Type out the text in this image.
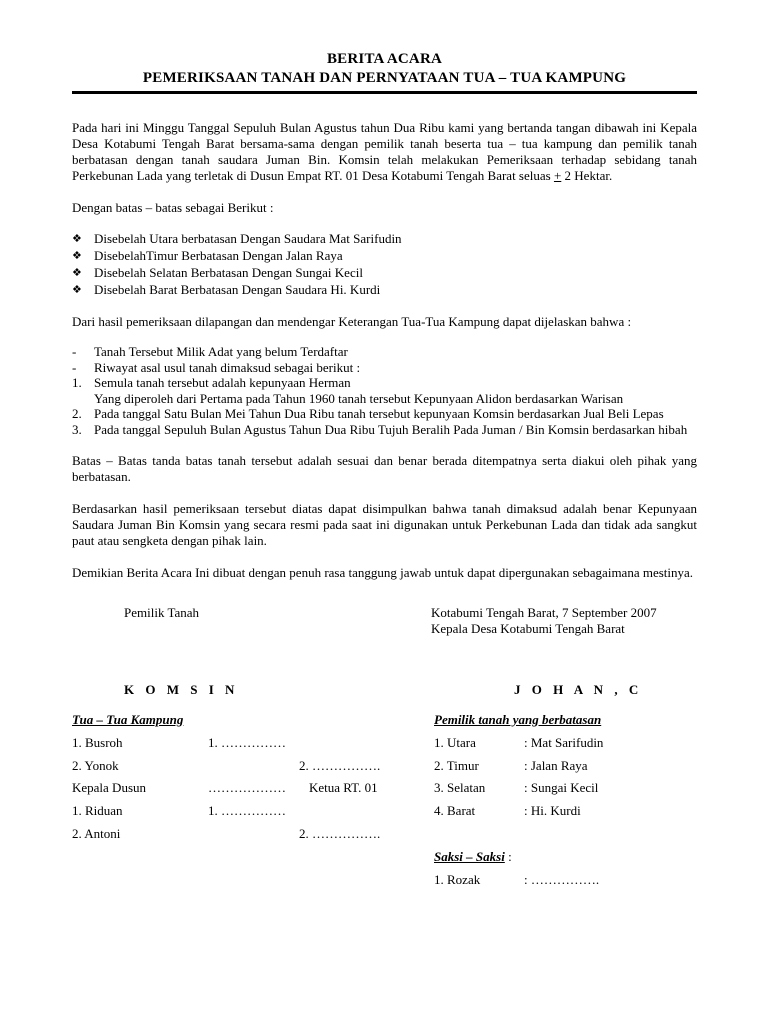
BERITA ACARA
PEMERIKSAAN TANAH DAN PERNYATAAN TUA – TUA KAMPUNG

Pada hari ini Minggu Tanggal Sepuluh Bulan Agustus tahun Dua Ribu kami yang bertanda tangan dibawah ini Kepala Desa Kotabumi Tengah Barat bersama-sama dengan pemilik tanah beserta tua – tua kampung dan pemilik tanah berbatasan dengan tanah saudara Juman Bin. Komsin telah melakukan Pemeriksaan terhadap sebidang tanah Perkebunan Lada yang terletak di Dusun Empat RT. 01 Desa Kotabumi Tengah Barat seluas + 2 Hektar.

Dengan batas – batas sebagai Berikut :

❖ Disebelah Utara berbatasan Dengan Saudara Mat Sarifudin
❖ DisebelahTimur Berbatasan Dengan Jalan Raya
❖ Disebelah Selatan Berbatasan Dengan Sungai Kecil
❖ Disebelah Barat Berbatasan Dengan Saudara Hi. Kurdi

Dari hasil pemeriksaan dilapangan dan mendengar Keterangan Tua-Tua Kampung dapat dijelaskan bahwa :

- Tanah Tersebut Milik Adat yang belum Terdaftar
- Riwayat asal usul tanah dimaksud sebagai berikut :
1. Semula tanah tersebut adalah kepunyaan Herman
Yang diperoleh dari Pertama pada Tahun 1960 tanah tersebut Kepunyaan Alidon berdasarkan Warisan
2. Pada tanggal Satu Bulan Mei Tahun Dua Ribu tanah tersebut kepunyaan Komsin berdasarkan Jual Beli Lepas
3. Pada tanggal Sepuluh Bulan Agustus Tahun Dua Ribu Tujuh Beralih Pada Juman / Bin Komsin berdasarkan hibah

Batas – Batas tanda batas tanah tersebut adalah sesuai dan benar berada ditempatnya serta diakui oleh pihak yang berbatasan.

Berdasarkan hasil pemeriksaan tersebut diatas dapat disimpulkan bahwa tanah dimaksud adalah benar Kepunyaan Saudara Juman Bin Komsin yang secara resmi pada saat ini digunakan untuk Perkebunan Lada dan tidak ada sangkut paut atau sengketa dengan pihak lain.

Demikian Berita Acara Ini dibuat dengan penuh rasa tanggung jawab untuk dapat dipergunakan sebagaimana mestinya.

Pemilik Tanah	Kotabumi Tengah Barat, 7 September 2007
Kepala Desa Kotabumi Tengah Barat
K O M S I N	J O H A N , C
Tua – Tua Kampung	Pemilik tanah yang berbatasan
1. Busroh	1. ……………
2. Yonok	2. …………….
Kepala Dusun	……………… Ketua RT. 01
1. Riduan	1. ……………
2. Antoni	2. …………….
1. Utara	: Mat Sarifudin
2. Timur	: Jalan Raya
3. Selatan	: Sungai Kecil
4. Barat	: Hi. Kurdi
Saksi – Saksi :
1. Rozak	: …………….
